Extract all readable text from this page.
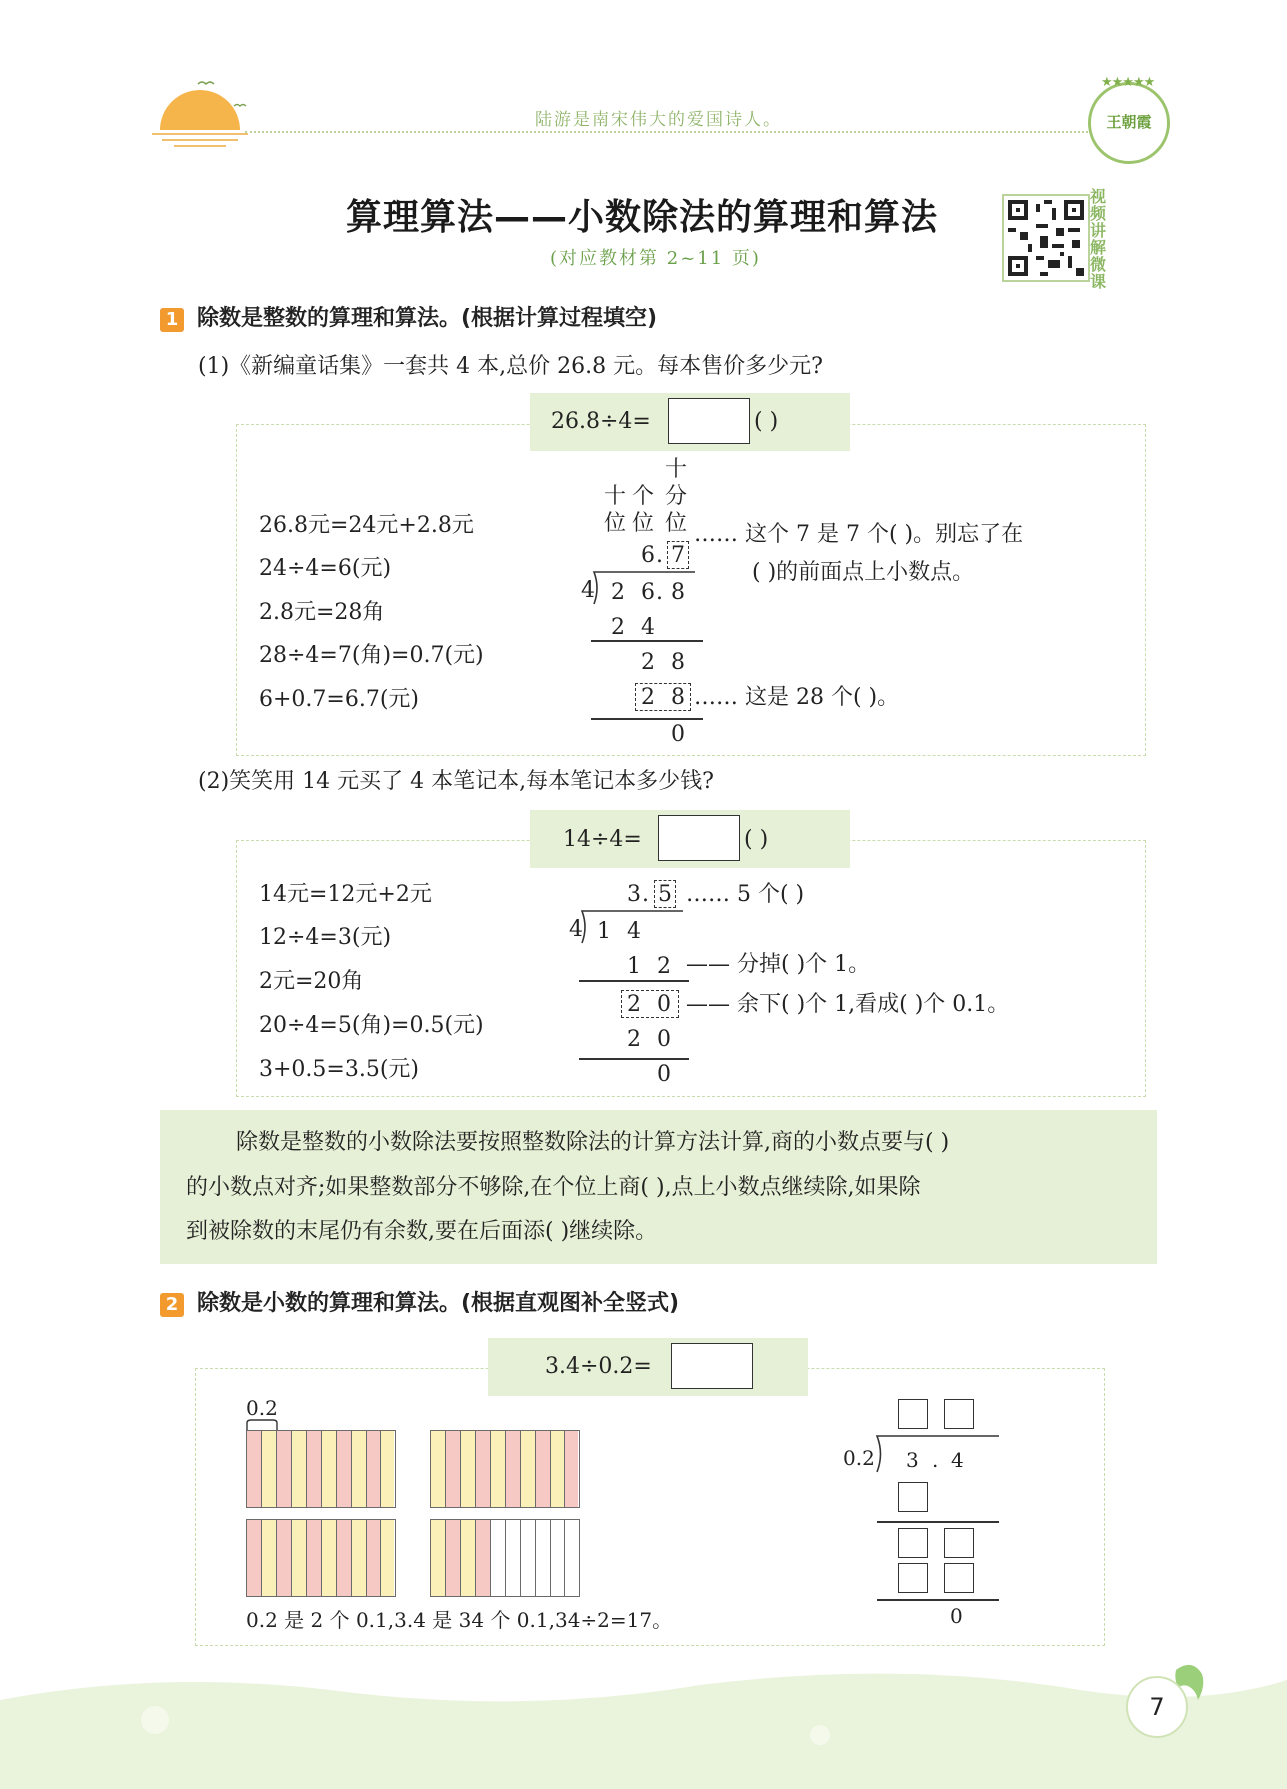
陆游是南宋伟大的爱国诗人。
★★★★★
王朝霞
算理算法——小数除法的算理和算法
(对应教材第 2~11 页)
视频讲解微课
1 除数是整数的算理和算法。(根据计算过程填空)
(1)《新编童话集》一套共 4 本,总价 26.8 元。每本售价多少元?
26.8÷4=	( )
26.8元=24元+2.8元
24÷4=6(元)
2.8元=28角
28÷4=7(角)=0.7(元)
6+0.7=6.7(元)
十
十 个 分
位 位 位
6 . 7
…… 这个 7 是 7 个( )。别忘了在
( )的前面点上小数点。
4 2 6 . 8
2 4
2 8
2 8 …… 这是 28 个( )。
0
(2)笑笑用 14 元买了 4 本笔记本,每本笔记本多少钱?
14÷4=	( )
14元=12元+2元
12÷4=3(元)
2元=20角
20÷4=5(角)=0.5(元)
3+0.5=3.5(元)
3 . 5 …… 5 个( )
4 1 4
1 2 —— 分掉( )个 1。
2 0 —— 余下( )个 1,看成( )个 0.1。
2 0
0
除数是整数的小数除法要按照整数除法的计算方法计算,商的小数点要与( )
的小数点对齐;如果整数部分不够除,在个位上商( ),点上小数点继续除,如果除
到被除数的末尾仍有余数,要在后面添( )继续除。
2 除数是小数的算理和算法。(根据直观图补全竖式)
3.4÷0.2=
0.2
0.2 是 2 个 0.1,3.4 是 34 个 0.1,34÷2=17。
0.2 3 . 4
0
7
